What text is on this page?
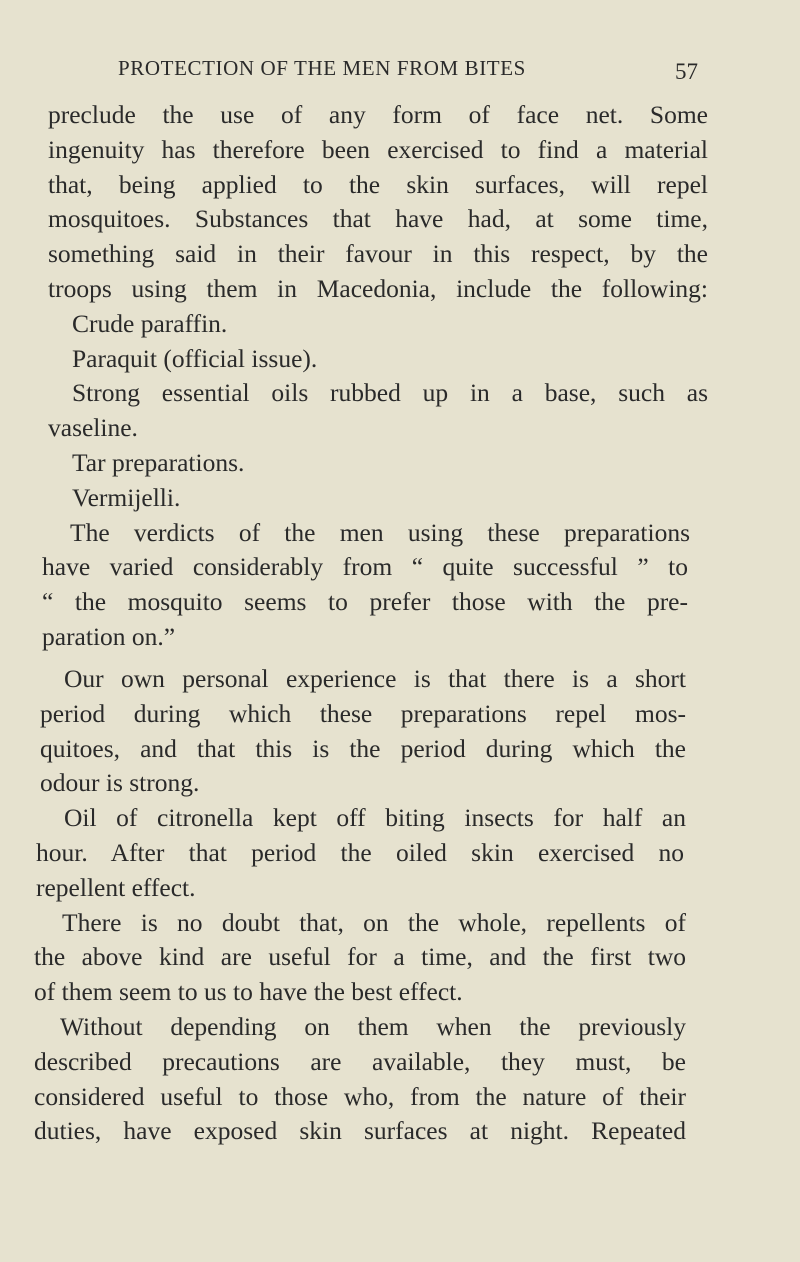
PROTECTION OF THE MEN FROM BITES	57
preclude the use of any form of face net. Some
ingenuity has therefore been exercised to find a material
that, being applied to the skin surfaces, will repel
mosquitoes. Substances that have had, at some time,
something said in their favour in this respect, by the
troops using them in Macedonia, include the following:
Crude paraffin.
Paraquit (official issue).
Strong essential oils rubbed up in a base, such as
vaseline.
Tar preparations.
Vermijelli.
The verdicts of the men using these preparations
have varied considerably from “ quite successful ” to
“ the mosquito seems to prefer those with the pre-
paration on.”
Our own personal experience is that there is a short
period during which these preparations repel mos-
quitoes, and that this is the period during which the
odour is strong.
Oil of citronella kept off biting insects for half an
hour. After that period the oiled skin exercised no
repellent effect.
There is no doubt that, on the whole, repellents of
the above kind are useful for a time, and the first two
of them seem to us to have the best effect.
Without depending on them when the previously
described precautions are available, they must, be
considered useful to those who, from the nature of their
duties, have exposed skin surfaces at night. Repeated
